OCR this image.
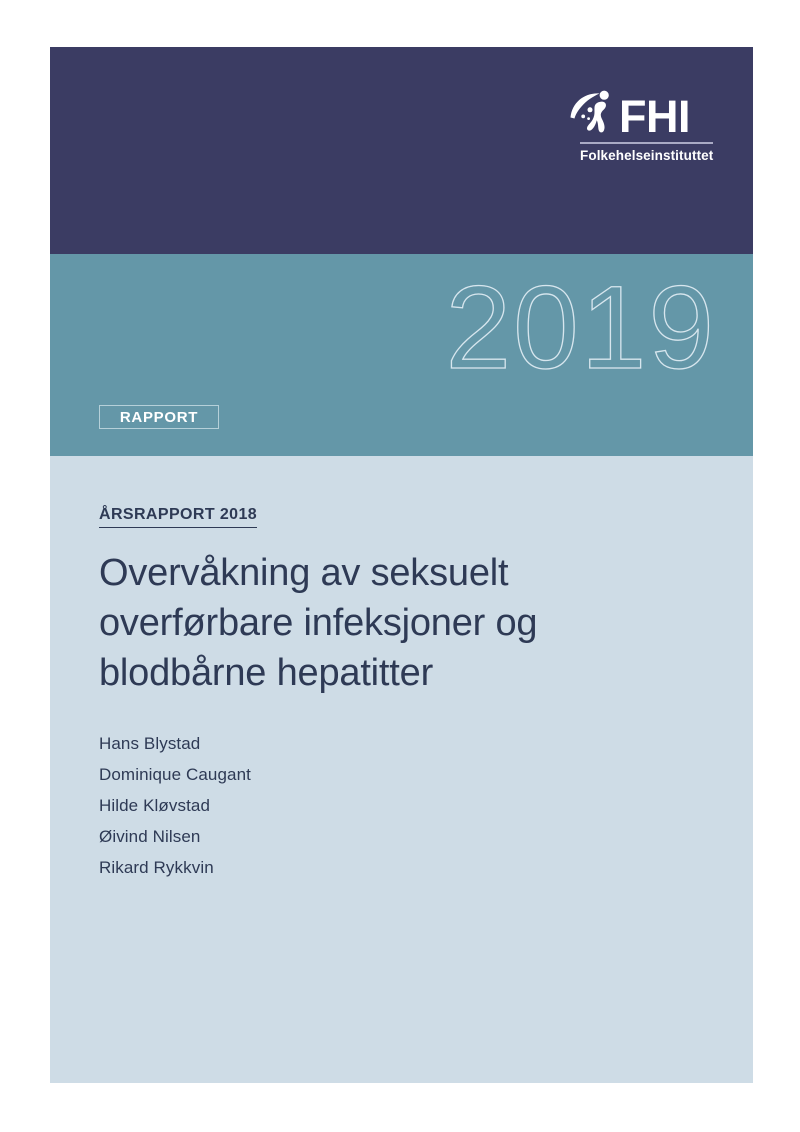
FHI
Folkehelseinstituttet
2019
RAPPORT
ÅRSRAPPORT 2018
Overvåkning av seksuelt
overførbare infeksjoner og
blodbårne hepatitter
Hans Blystad
Dominique Caugant
Hilde Kløvstad
Øivind Nilsen
Rikard Rykkvin
